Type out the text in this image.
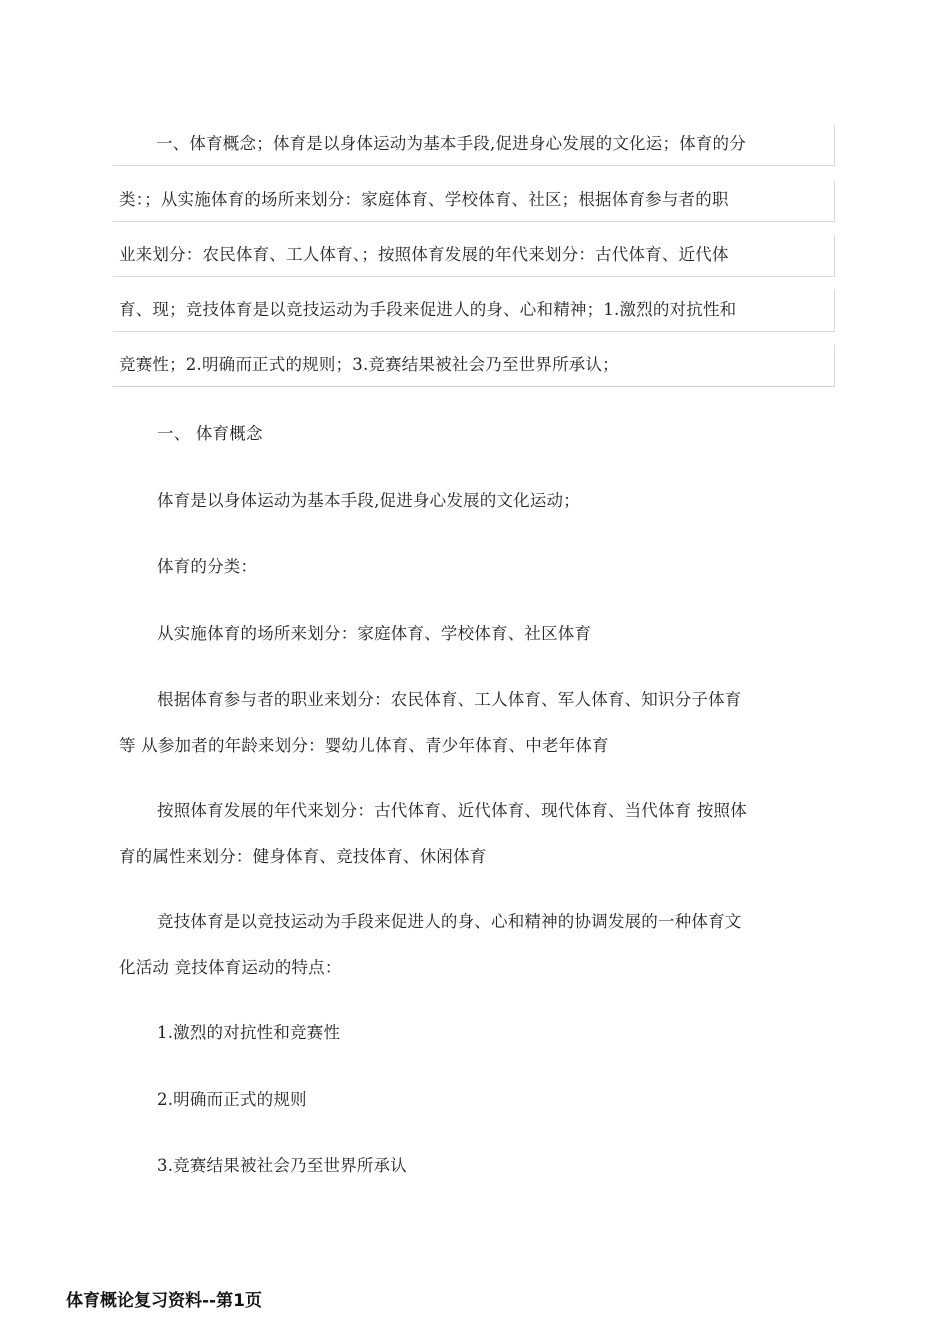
一、体育概念；体育是以身体运动为基本手段,促进身心发展的文化运；体育的分
类：；从实施体育的场所来划分：家庭体育、学校体育、社区；根据体育参与者的职
业来划分：农民体育、工人体育、；按照体育发展的年代来划分：古代体育、近代体
育、现；竞技体育是以竞技运动为手段来促进人的身、心和精神；1.激烈的对抗性和
竞赛性；2.明确而正式的规则；3.竞赛结果被社会乃至世界所承认；
一、 体育概念
体育是以身体运动为基本手段,促进身心发展的文化运动；
体育的分类：
从实施体育的场所来划分：家庭体育、学校体育、社区体育
根据体育参与者的职业来划分：农民体育、工人体育、军人体育、知识分子体育
等 从参加者的年龄来划分：婴幼儿体育、青少年体育、中老年体育
按照体育发展的年代来划分：古代体育、近代体育、现代体育、当代体育 按照体
育的属性来划分：健身体育、竞技体育、休闲体育
竞技体育是以竞技运动为手段来促进人的身、心和精神的协调发展的一种体育文
化活动 竞技体育运动的特点：
1.激烈的对抗性和竞赛性
2.明确而正式的规则
3.竞赛结果被社会乃至世界所承认
体育概论复习资料--第1页
